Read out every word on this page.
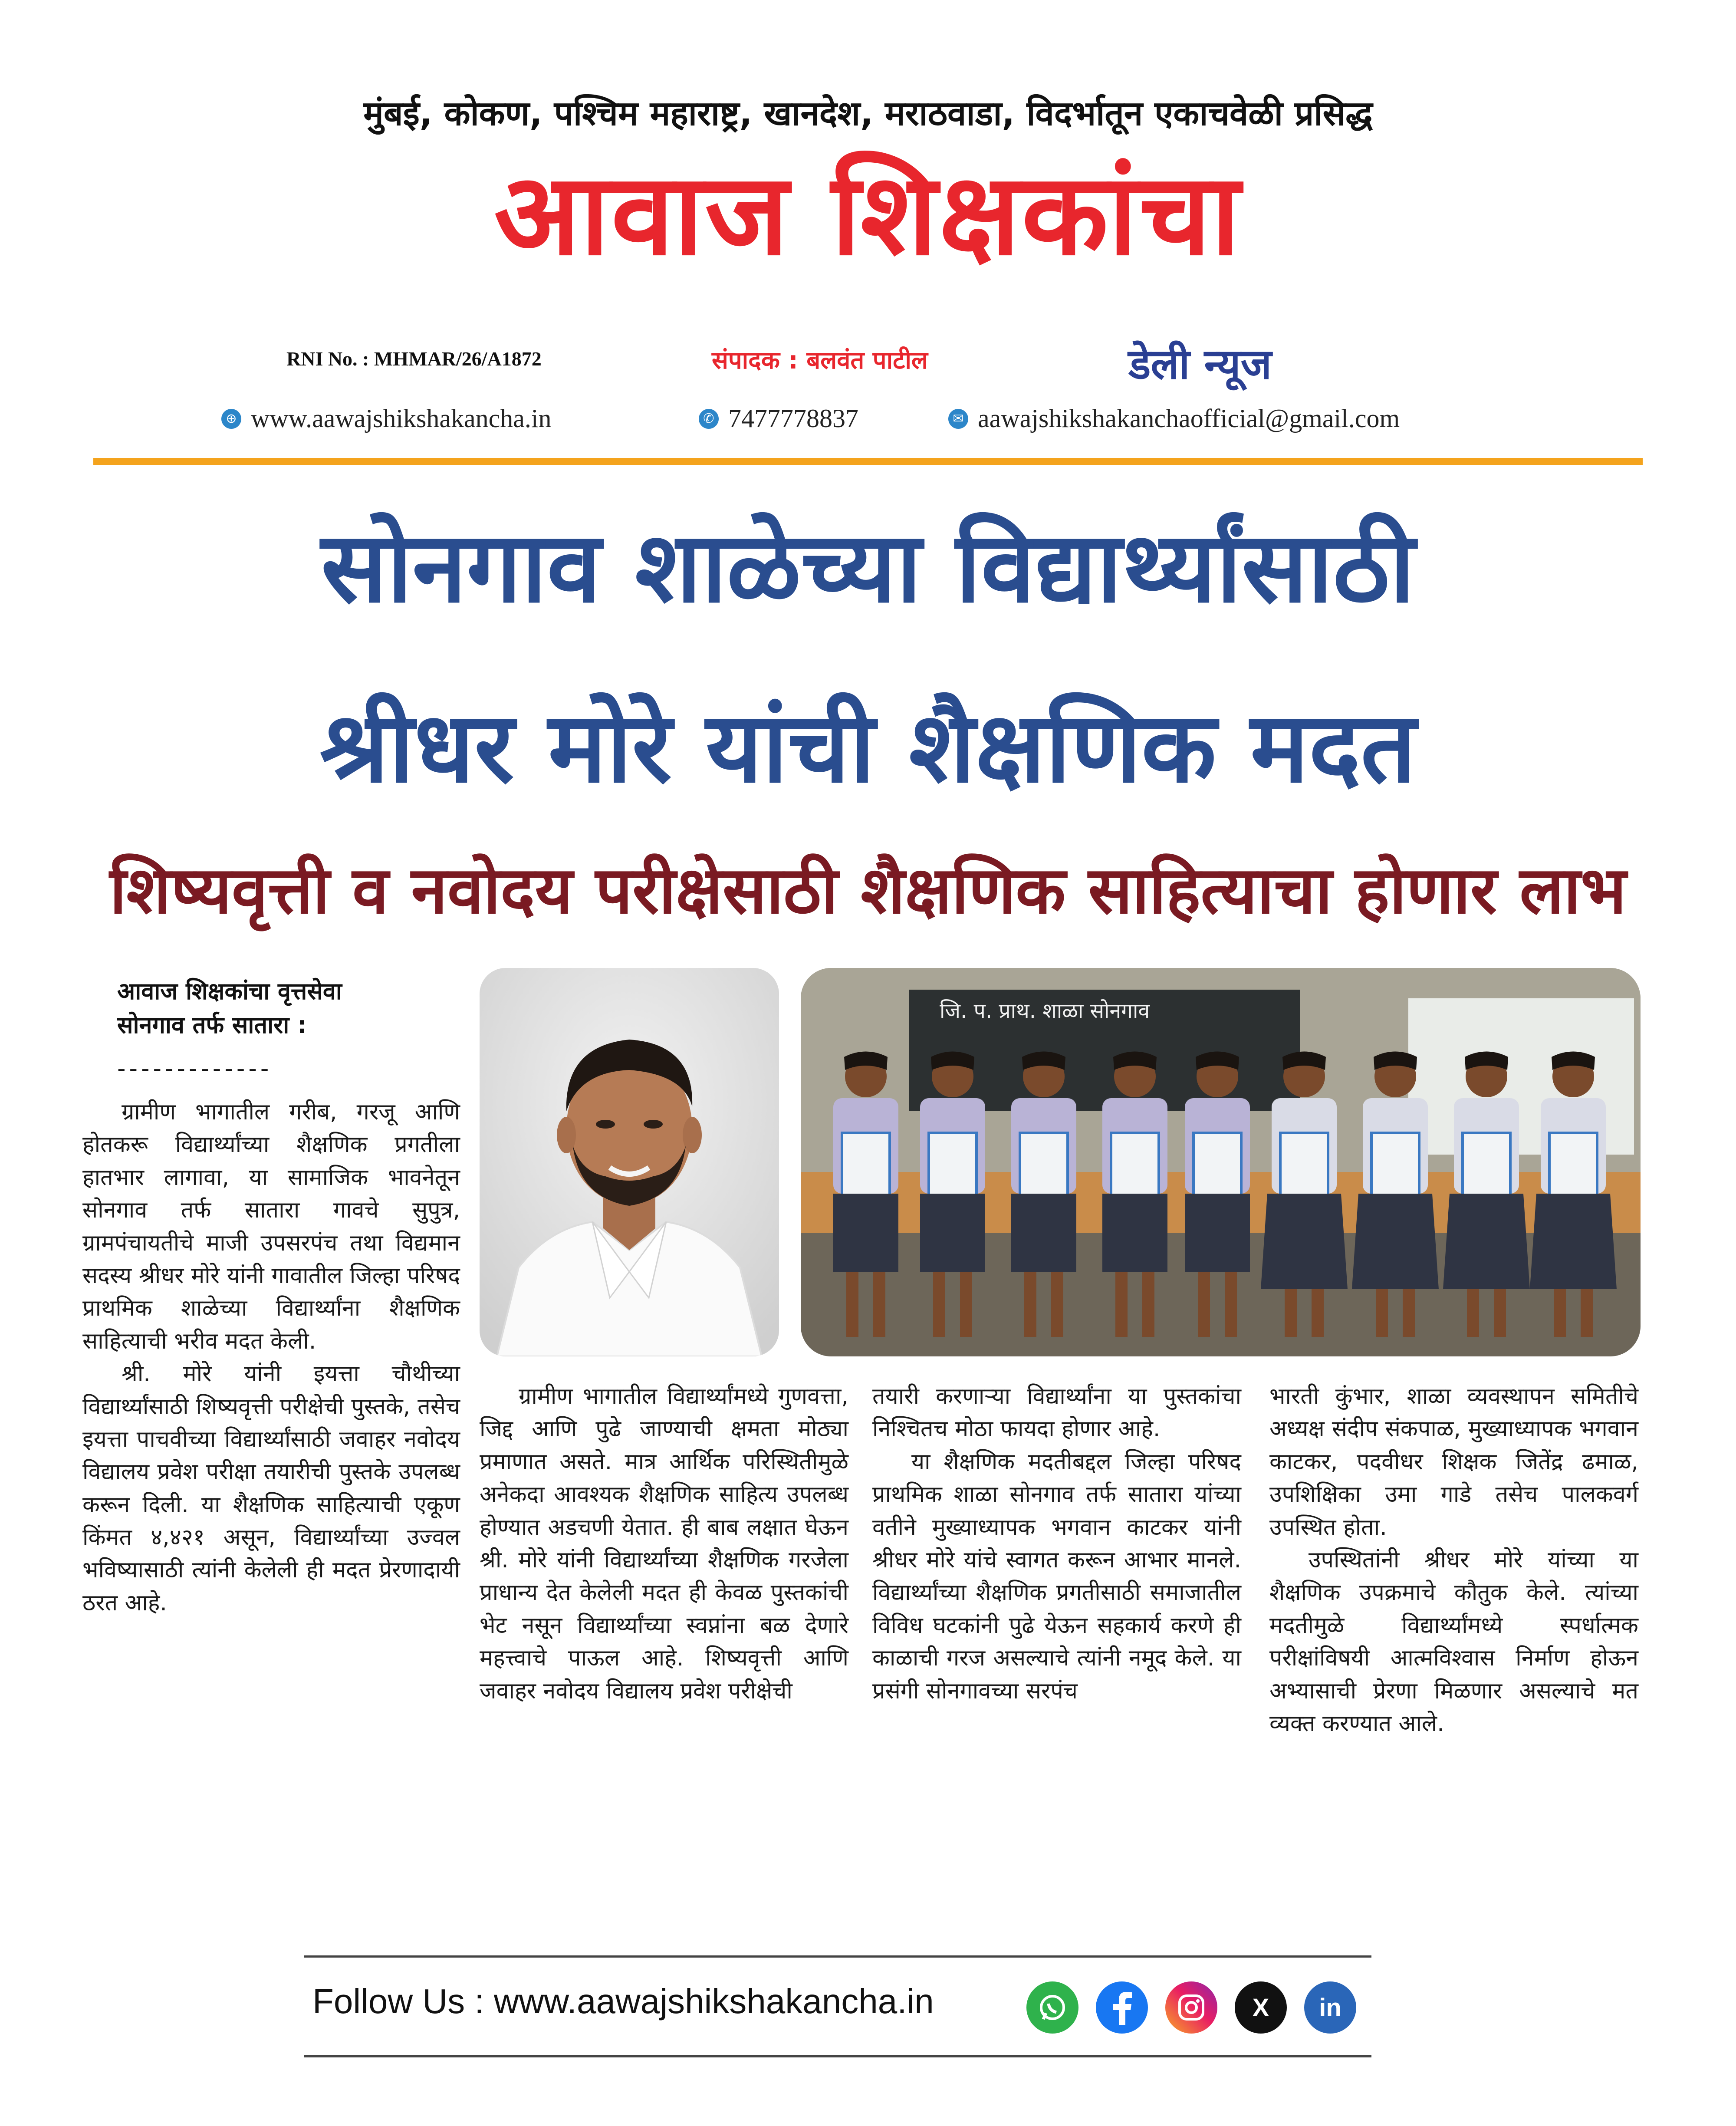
मुंबई, कोकण, पश्चिम महाराष्ट्र, खानदेश, मराठवाडा, विदर्भातून एकाचवेळी प्रसिद्ध
आवाज शिक्षकांचा
RNI No. : MHMAR/26/A1872	संपादक : बलवंत पाटील	डेली न्यूज
⊕ www.aawajshikshakancha.in	✆ 7477778837	✉ aawajshikshakanchaofficial@gmail.com
सोनगाव शाळेच्या विद्यार्थ्यांसाठी
श्रीधर मोरे यांची शैक्षणिक मदत
शिष्यवृत्ती व नवोदय परीक्षेसाठी शैक्षणिक साहित्याचा होणार लाभ
आवाज शिक्षकांचा वृत्तसेवा
सोनगाव तर्फ सातारा :
-------------
जि. प. प्राथ. शाळा सोनगाव

ग्रामीण भागातील गरीब, गरजू आणि होतकरू विद्यार्थ्यांच्या शैक्षणिक प्रगतीला हातभार लागावा, या सामाजिक भावनेतून सोनगाव तर्फ सातारा गावचे सुपुत्र, ग्रामपंचायतीचे माजी उपसरपंच तथा विद्यमान सदस्य श्रीधर मोरे यांनी गावातील जिल्हा परिषद प्राथमिक शाळेच्या विद्यार्थ्यांना शैक्षणिक साहित्याची भरीव मदत केली.

श्री. मोरे यांनी इयत्ता चौथीच्या विद्यार्थ्यांसाठी शिष्यवृत्ती परीक्षेची पुस्तके, तसेच इयत्ता पाचवीच्या विद्यार्थ्यांसाठी जवाहर नवोदय विद्यालय प्रवेश परीक्षा तयारीची पुस्तके उपलब्ध करून दिली. या शैक्षणिक साहित्याची एकूण किंमत ४,४२१ असून, विद्यार्थ्यांच्या उज्वल भविष्यासाठी त्यांनी केलेली ही मदत प्रेरणादायी ठरत आहे.

ग्रामीण भागातील विद्यार्थ्यांमध्ये गुणवत्ता, जिद्द आणि पुढे जाण्याची क्षमता मोठ्या प्रमाणात असते. मात्र आर्थिक परिस्थितीमुळे अनेकदा आवश्यक शैक्षणिक साहित्य उपलब्ध होण्यात अडचणी येतात. ही बाब लक्षात घेऊन श्री. मोरे यांनी विद्यार्थ्यांच्या शैक्षणिक गरजेला प्राधान्य देत केलेली मदत ही केवळ पुस्तकांची भेट नसून विद्यार्थ्यांच्या स्वप्नांना बळ देणारे महत्त्वाचे पाऊल आहे. शिष्यवृत्ती आणि जवाहर नवोदय विद्यालय प्रवेश परीक्षेची

तयारी करणाऱ्या विद्यार्थ्यांना या पुस्तकांचा निश्चितच मोठा फायदा होणार आहे.

या शैक्षणिक मदतीबद्दल जिल्हा परिषद प्राथमिक शाळा सोनगाव तर्फ सातारा यांच्या वतीने मुख्याध्यापक भगवान काटकर यांनी श्रीधर मोरे यांचे स्वागत करून आभार मानले. विद्यार्थ्यांच्या शैक्षणिक प्रगतीसाठी समाजातील विविध घटकांनी पुढे येऊन सहकार्य करणे ही काळाची गरज असल्याचे त्यांनी नमूद केले. या प्रसंगी सोनगावच्या सरपंच

भारती कुंभार, शाळा व्यवस्थापन समितीचे अध्यक्ष संदीप संकपाळ, मुख्याध्यापक भगवान काटकर, पदवीधर शिक्षक जितेंद्र ढमाळ, उपशिक्षिका उमा गाडे तसेच पालकवर्ग उपस्थित होता.

उपस्थितांनी श्रीधर मोरे यांच्या या शैक्षणिक उपक्रमाचे कौतुक केले. त्यांच्या मदतीमुळे विद्यार्थ्यांमध्ये स्पर्धात्मक परीक्षांविषयी आत्मविश्वास निर्माण होऊन अभ्यासाची प्रेरणा मिळणार असल्याचे मत व्यक्त करण्यात आले.

Follow Us : www.aawajshikshakancha.in	X in
